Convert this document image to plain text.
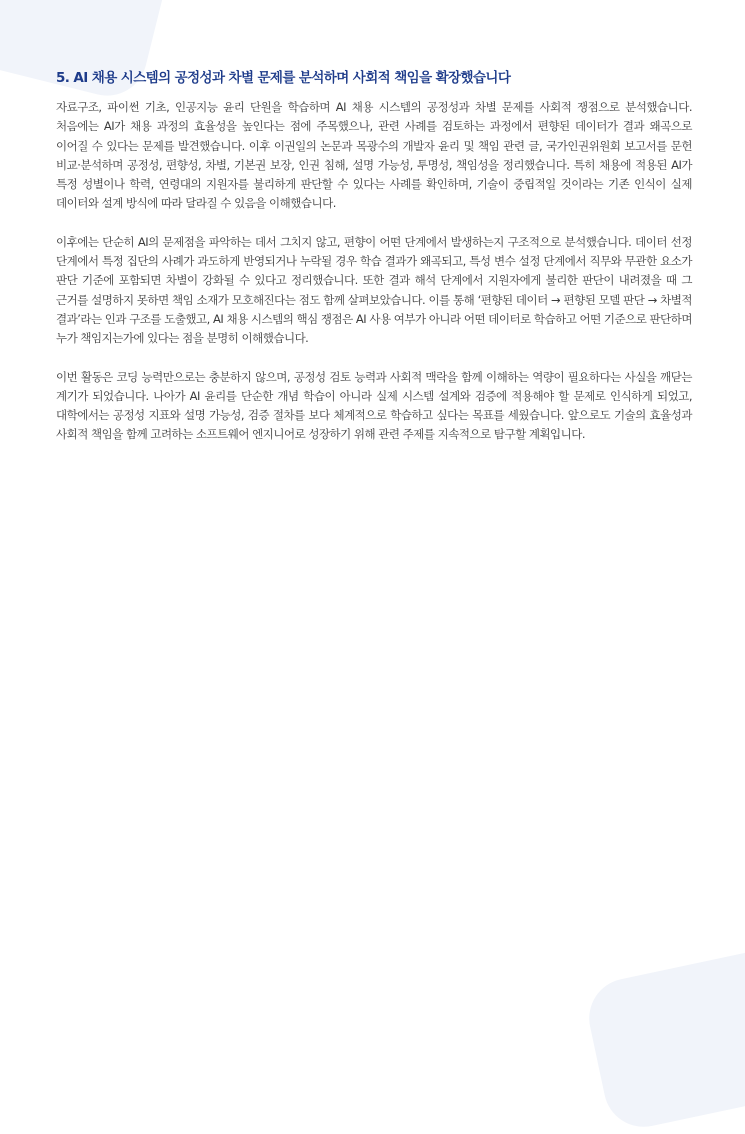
5. AI 채용 시스템의 공정성과 차별 문제를 분석하며 사회적 책임을 확장했습니다

자료구조, 파이썬 기초, 인공지능 윤리 단원을 학습하며 AI 채용 시스템의 공정성과 차별 문제를 사회적 쟁점으로 분석했습니다. 처음에는 AI가 채용 과정의 효율성을 높인다는 점에 주목했으나, 관련 사례를 검토하는 과정에서 편향된 데이터가 결과 왜곡으로 이어질 수 있다는 문제를 발견했습니다. 이후 이권일의 논문과 목광수의 개발자 윤리 및 책임 관련 글, 국가인권위원회 보고서를 문헌 비교·분석하며 공정성, 편향성, 차별, 기본권 보장, 인권 침해, 설명 가능성, 투명성, 책임성을 정리했습니다. 특히 채용에 적용된 AI가 특정 성별이나 학력, 연령대의 지원자를 불리하게 판단할 수 있다는 사례를 확인하며, 기술이 중립적일 것이라는 기존 인식이 실제 데이터와 설계 방식에 따라 달라질 수 있음을 이해했습니다.

이후에는 단순히 AI의 문제점을 파악하는 데서 그치지 않고, 편향이 어떤 단계에서 발생하는지 구조적으로 분석했습니다. 데이터 선정 단계에서 특정 집단의 사례가 과도하게 반영되거나 누락될 경우 학습 결과가 왜곡되고, 특성 변수 설정 단계에서 직무와 무관한 요소가 판단 기준에 포함되면 차별이 강화될 수 있다고 정리했습니다. 또한 결과 해석 단계에서 지원자에게 불리한 판단이 내려졌을 때 그 근거를 설명하지 못하면 책임 소재가 모호해진다는 점도 함께 살펴보았습니다. 이를 통해 ‘편향된 데이터 → 편향된 모델 판단 → 차별적 결과’라는 인과 구조를 도출했고, AI 채용 시스템의 핵심 쟁점은 AI 사용 여부가 아니라 어떤 데이터로 학습하고 어떤 기준으로 판단하며 누가 책임지는가에 있다는 점을 분명히 이해했습니다.

이번 활동은 코딩 능력만으로는 충분하지 않으며, 공정성 검토 능력과 사회적 맥락을 함께 이해하는 역량이 필요하다는 사실을 깨닫는 계기가 되었습니다. 나아가 AI 윤리를 단순한 개념 학습이 아니라 실제 시스템 설계와 검증에 적용해야 할 문제로 인식하게 되었고, 대학에서는 공정성 지표와 설명 가능성, 검증 절차를 보다 체계적으로 학습하고 싶다는 목표를 세웠습니다. 앞으로도 기술의 효율성과 사회적 책임을 함께 고려하는 소프트웨어 엔지니어로 성장하기 위해 관련 주제를 지속적으로 탐구할 계획입니다.
